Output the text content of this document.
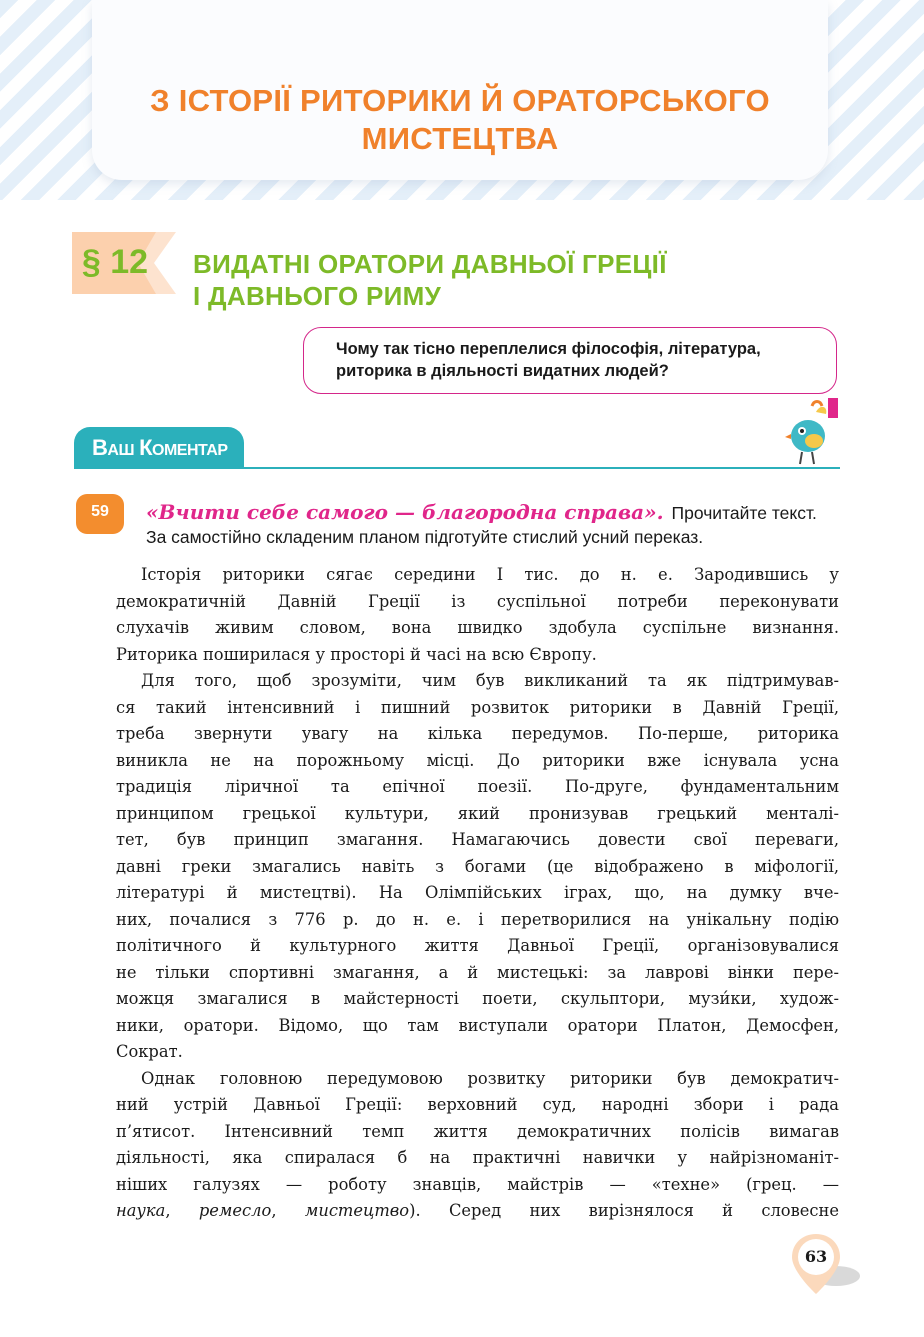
З ІСТОРІЇ РИТОРИКИ Й ОРАТОРСЬКОГО
МИСТЕЦТВА
§ 12 ВИДАТНІ ОРАТОРИ ДАВНЬОЇ ГРЕЦІЇ
І ДАВНЬОГО РИМУ
Чому так тісно переплелися філософія, література,
риторика в діяльності видатних людей?
ВАШ КОМЕНТАР
59	«Вчити себе самого — благородна справа». Прочитайте текст.
За самостійно складеним планом підготуйте стислий усний переказ.
Історія риторики сягає середини І тис. до н. е. Зародившись у
демократичній Давній Греції із суспільної потреби переконувати
слухачів живим словом, вона швидко здобула суспільне визнання.
Риторика поширилася у просторі й часі на всю Європу.
Для того, щоб зрозуміти, чим був викликаний та як підтримував-
ся такий інтенсивний і пишний розвиток риторики в Давній Греції,
треба звернути увагу на кілька передумов. По-перше, риторика
виникла не на порожньому місці. До риторики вже існувала усна
традиція ліричної та епічної поезії. По-друге, фундаментальним
принципом грецької культури, який пронизував грецький менталі-
тет, був принцип змагання. Намагаючись довести свої переваги,
давні греки змагались навіть з богами (це відображено в міфології,
літературі й мистецтві). На Олімпійських іграх, що, на думку вче-
них, почалися з 776 р. до н. е. і перетворилися на унікальну подію
політичного й культурного життя Давньої Греції, організовувалися
не тільки спортивні змагання, а й мистецькі: за лаврові вінки пере-
можця змагалися в майстерності поети, скульптори, музи́ки, худож-
ники, оратори. Відомо, що там виступали оратори Платон, Демосфен,
Сократ.
Однак головною передумовою розвитку риторики був демократич-
ний устрій Давньої Греції: верховний суд, народні збори і рада
п’ятисот. Інтенсивний темп життя демократичних полісів вимагав
діяльності, яка спиралася б на практичні навички у найрізноманіт-
ніших галузях — роботу знавців, майстрів — «техне» (грец. —
наука, ремесло, мистецтво). Серед них вирізнялося й словесне
63
